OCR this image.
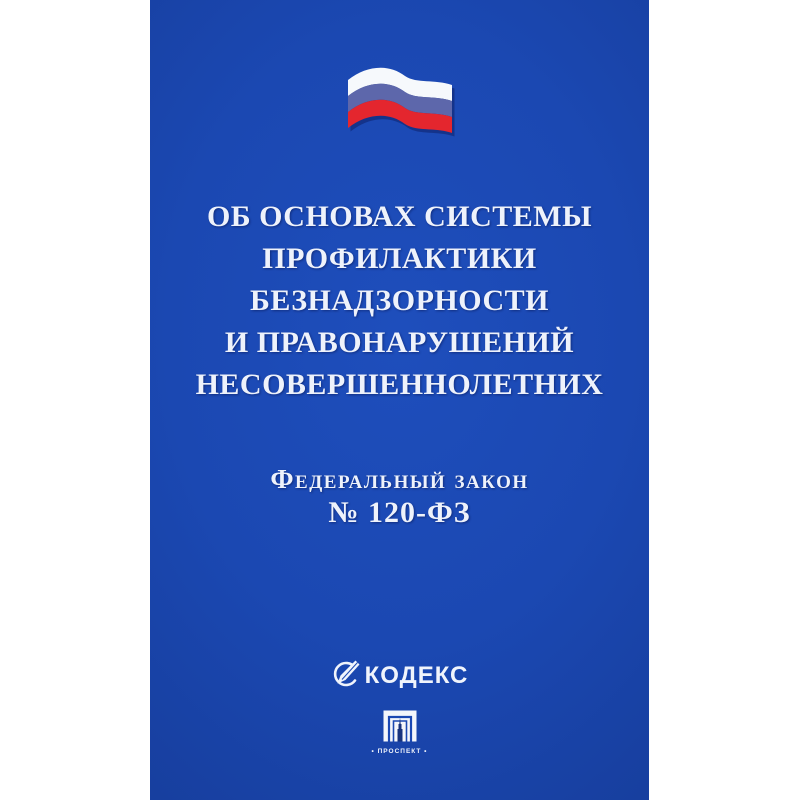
ОБ ОСНОВАХ СИСТЕМЫ
ПРОФИЛАКТИКИ
БЕЗНАДЗОРНОСТИ
И ПРАВОНАРУШЕНИЙ
НЕСОВЕРШЕННОЛЕТНИХ
Федеральный закон
№ 120-ФЗ
КОДЕКС
• ПРОСПЕКТ •
